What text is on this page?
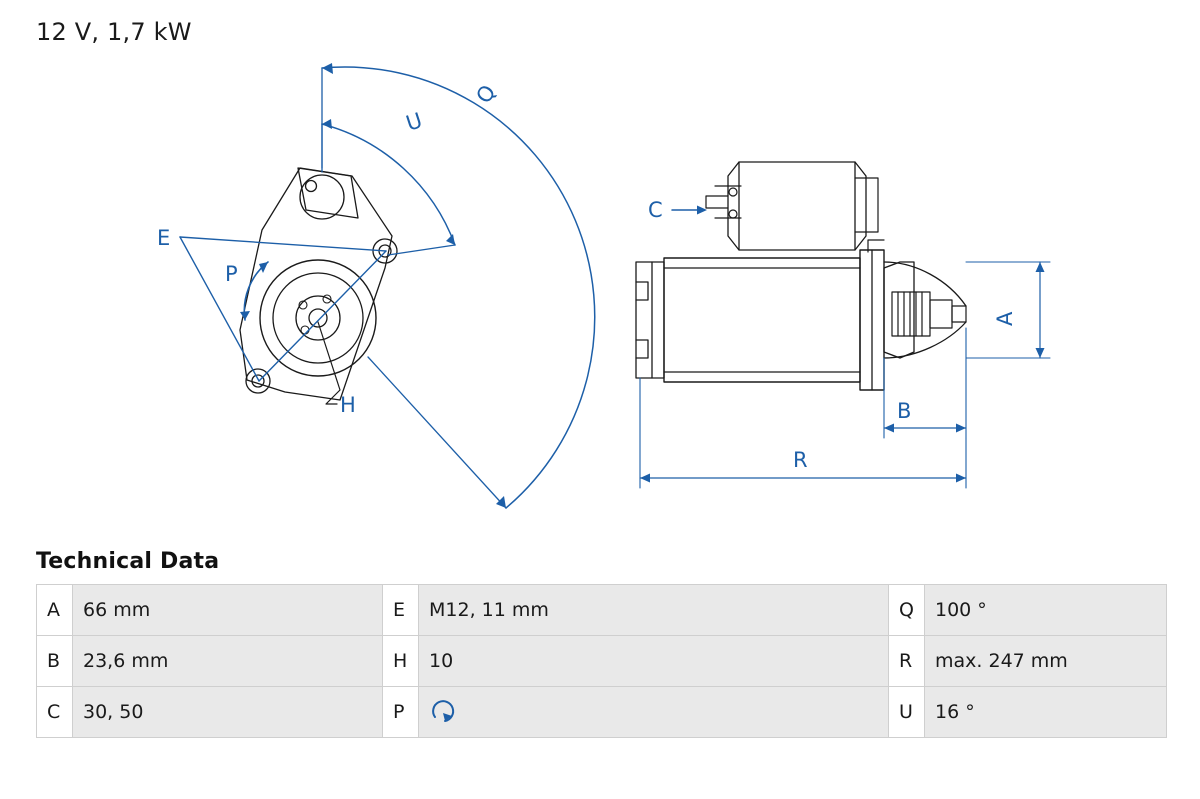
12 V, 1,7 kW
H
E
P
Q
U
C
A
B
R
Technical Data
A	66 mm	E	M12, 11 mm	Q	100 °
B	23,6 mm	H	10	R	max. 247 mm
C	30, 50	P		U	16 °
